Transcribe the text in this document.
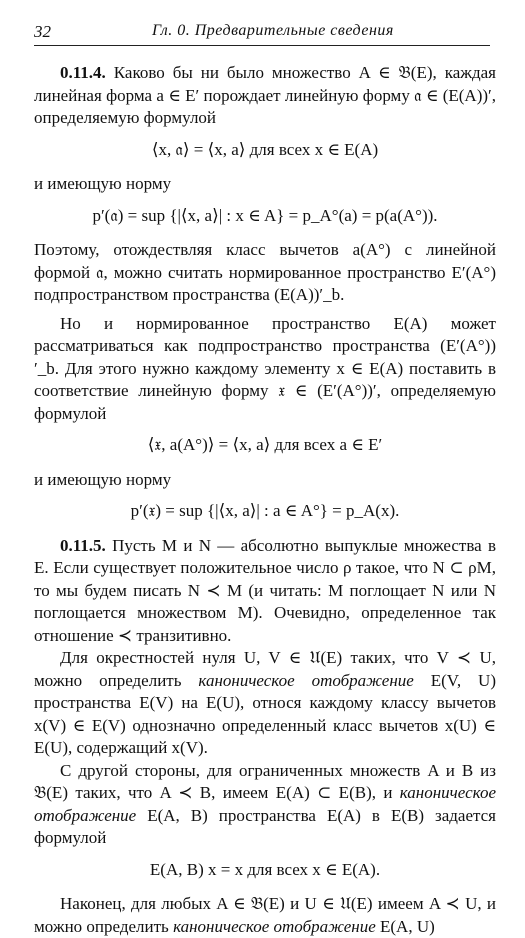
32	Гл. 0. Предварительные сведения

0.11.4. Каково бы ни было множество A ∈ 𝔅(E), каждая линейная форма a ∈ E′ порождает линейную форму 𝔞 ∈ (E(A))′, определяемую формулой

⟨x, 𝔞⟩ = ⟨x, a⟩ для всех x ∈ E(A)

и имеющую норму

p′(𝔞) = sup {|⟨x, a⟩| : x ∈ A} = p_A°(a) = p(a(A°)).

Поэтому, отождествляя класс вычетов a(A°) с линейной формой 𝔞, можно считать нормированное пространство E′(A°) подпространством пространства (E(A))′_b.

Но и нормированное пространство E(A) может рассматриваться как подпространство пространства (E′(A°))′_b. Для этого нужно каждому элементу x ∈ E(A) поставить в соответствие линейную форму 𝔵 ∈ (E′(A°))′, определяемую формулой

⟨𝔵, a(A°)⟩ = ⟨x, a⟩ для всех a ∈ E′

и имеющую норму

p′(𝔵) = sup {|⟨x, a⟩| : a ∈ A°} = p_A(x).

0.11.5. Пусть M и N — абсолютно выпуклые множества в E. Если существует положительное число ρ такое, что N ⊂ ρM, то мы будем писать N ≺ M (и читать: M поглощает N или N поглощается множеством M). Очевидно, определенное так отношение ≺ транзитивно.

Для окрестностей нуля U, V ∈ 𝔘(E) таких, что V ≺ U, можно определить каноническое отображение E(V, U) пространства E(V) на E(U), относя каждому классу вычетов x(V) ∈ E(V) однозначно определенный класс вычетов x(U) ∈ E(U), содержащий x(V).

С другой стороны, для ограниченных множеств A и B из 𝔅(E) таких, что A ≺ B, имеем E(A) ⊂ E(B), и каноническое отображение E(A, B) пространства E(A) в E(B) задается формулой

E(A, B) x = x для всех x ∈ E(A).

Наконец, для любых A ∈ 𝔅(E) и U ∈ 𝔘(E) имеем A ≺ U, и можно определить каноническое отображение E(A, U)
